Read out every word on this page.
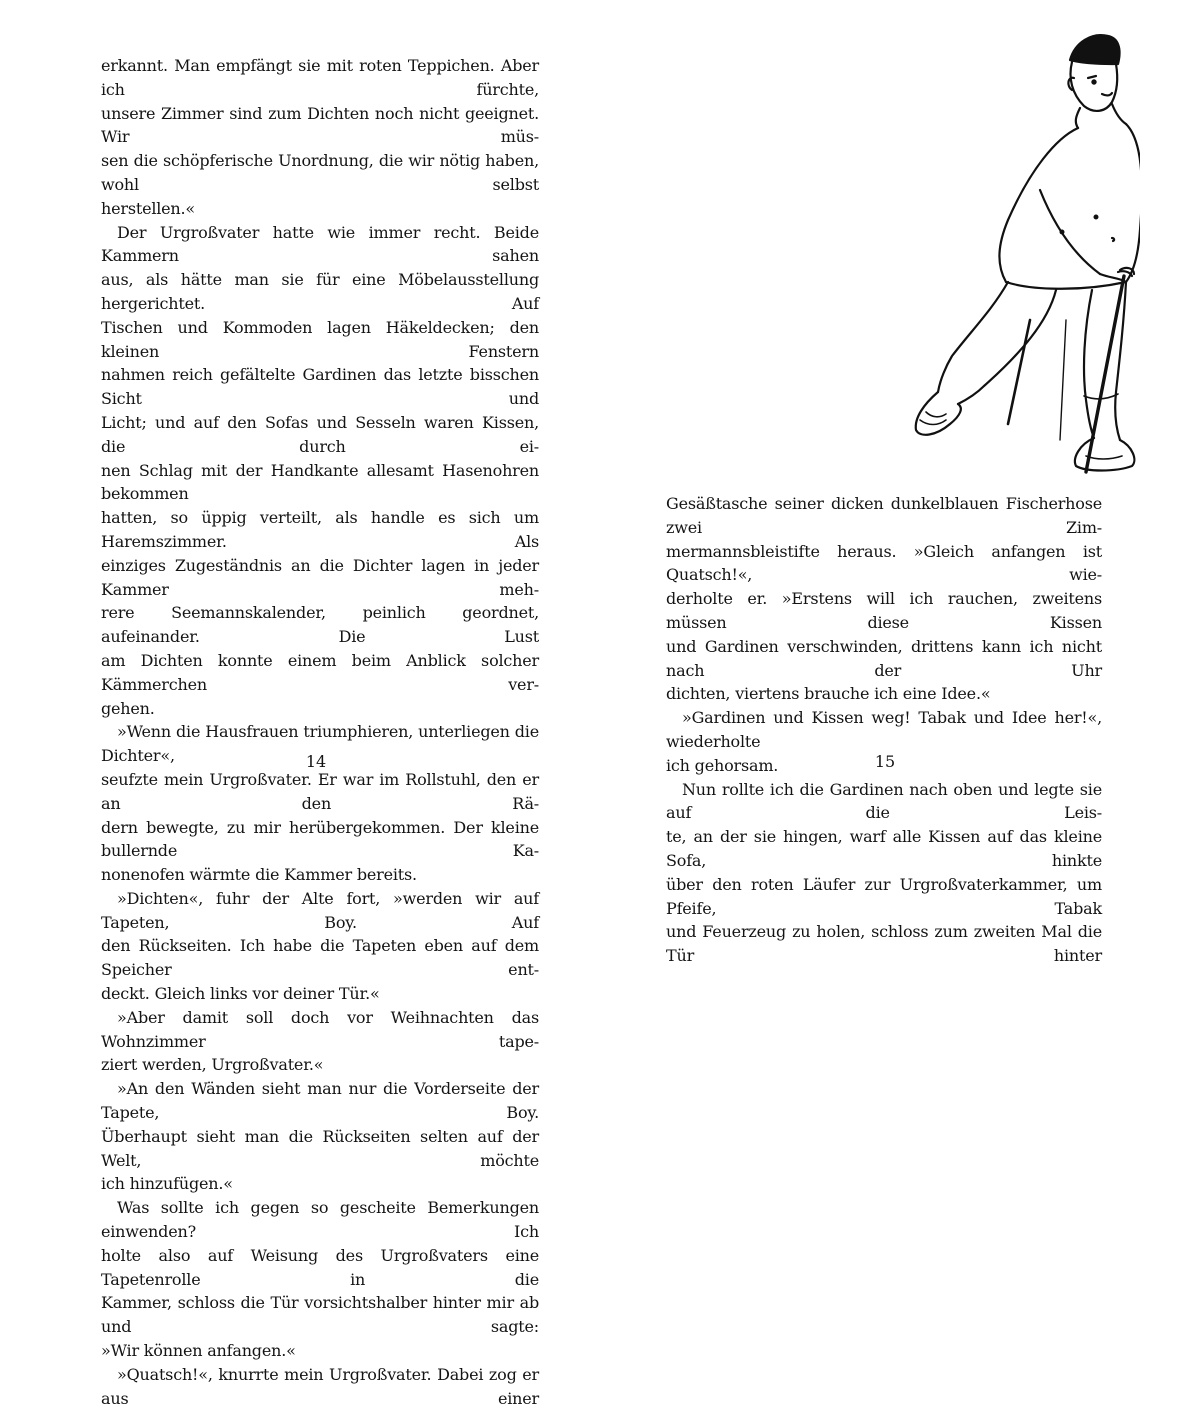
erkannt. Man empfängt sie mit roten Teppichen. Aber ich fürchte,

unsere Zimmer sind zum Dichten noch nicht geeignet. Wir müs-

sen die schöpferische Unordnung, die wir nötig haben, wohl selbst

herstellen.«

Der Urgroßvater hatte wie immer recht. Beide Kammern sahen

aus, als hätte man sie für eine Möbelausstellung hergerichtet. Auf

Tischen und Kommoden lagen Häkeldecken; den kleinen Fenstern

nahmen reich gefältelte Gardinen das letzte bisschen Sicht und

Licht; und auf den Sofas und Sesseln waren Kissen, die durch ei-

nen Schlag mit der Handkante allesamt Hasenohren bekommen

hatten, so üppig verteilt, als handle es sich um Haremszimmer. Als

einziges Zugeständnis an die Dichter lagen in jeder Kammer meh-

rere Seemannskalender, peinlich geordnet, aufeinander. Die Lust

am Dichten konnte einem beim Anblick solcher Kämmerchen ver-

gehen.

»Wenn die Hausfrauen triumphieren, unterliegen die Dichter«,

seufzte mein Urgroßvater. Er war im Rollstuhl, den er an den Rä-

dern bewegte, zu mir herübergekommen. Der kleine bullernde Ka-

nonenofen wärmte die Kammer bereits.

»Dichten«, fuhr der Alte fort, »werden wir auf Tapeten, Boy. Auf

den Rückseiten. Ich habe die Tapeten eben auf dem Speicher ent-

deckt. Gleich links vor deiner Tür.«

»Aber damit soll doch vor Weihnachten das Wohnzimmer tape-

ziert werden, Urgroßvater.«

»An den Wänden sieht man nur die Vorderseite der Tapete, Boy.

Überhaupt sieht man die Rückseiten selten auf der Welt, möchte

ich hinzufügen.«

Was sollte ich gegen so gescheite Bemerkungen einwenden? Ich

holte also auf Weisung des Urgroßvaters eine Tapetenrolle in die

Kammer, schloss die Tür vorsichtshalber hinter mir ab und sagte:

»Wir können anfangen.«

»Quatsch!«, knurrte mein Urgroßvater. Dabei zog er aus einer

14

Gesäßtasche seiner dicken dunkelblauen Fischerhose zwei Zim-

mermannsbleistifte heraus. »Gleich anfangen ist Quatsch!«, wie-

derholte er. »Erstens will ich rauchen, zweitens müssen diese Kissen

und Gardinen verschwinden, drittens kann ich nicht nach der Uhr

dichten, viertens brauche ich eine Idee.«

»Gardinen und Kissen weg! Tabak und Idee her!«, wiederholte

ich gehorsam.

Nun rollte ich die Gardinen nach oben und legte sie auf die Leis-

te, an der sie hingen, warf alle Kissen auf das kleine Sofa, hinkte

über den roten Läufer zur Urgroßvaterkammer, um Pfeife, Tabak

und Feuerzeug zu holen, schloss zum zweiten Mal die Tür hinter

15
